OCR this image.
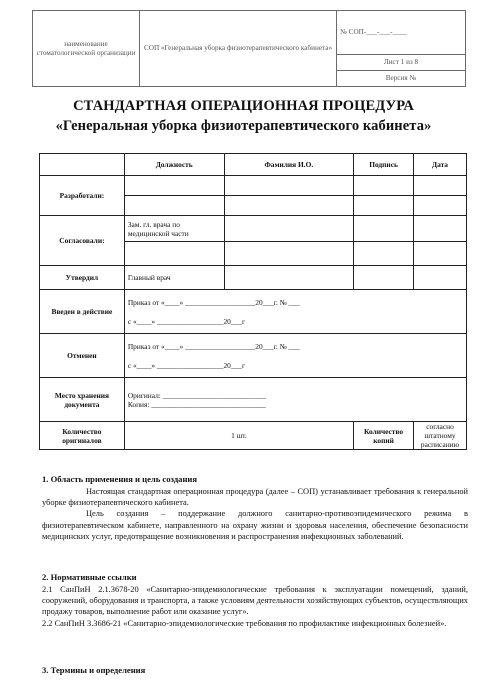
наименование стоматологической организации	СОП «Генеральная уборка физиотерапевтического кабинета»	№ СОП-___-___-____
Лист 1 из 8
Версия №
СТАНДАРТНАЯ ОПЕРАЦИОННАЯ ПРОЦЕДУРА
«Генеральная уборка физиотерапевтического кабинета»
	Должность	Фамилия И.О.	Подпись	Дата
Разработали:				

Согласовали:	Зам. гл. врача по медицинской части			

Утвердил	Главный врач			
Введен в действие	Приказ от «____» ___________________20___г. № ___
с «____» __________________20___г			

Отменен	Приказ от «____» ___________________20___г. № ___
с «____» __________________20___г			

Место хранения документа	Оригинал: ____________________________
Копия: _______________________________			

Количество оригиналов	1 шт.		Количество копий	согласно штатному расписанию
1. Область применения и цель создания

Настоящая стандартная операционная процедура (далее – СОП) устанавливает требования к генеральной уборке физиотерапевтического кабинета.

Цель создания – поддержание должного санитарно-противоэпидемического режима в физиотерапевтическом кабинете, направленного на охрану жизни и здоровья населения, обеспечение безопасности медицинских услуг, предотвращение возникновения и распространения инфекционных заболеваний.

2. Нормативные ссылки

2.1 СанПиН 2.1.3678-20 «Санитарно-эпидемиологические требования к эксплуатации помещений, зданий, сооружений, оборудования и транспорта, а также условиям деятельности хозяйствующих субъектов, осуществляющих продажу товаров, выполнение работ или оказание услуг».

2.2 СанПиН 3.3686-21 «Санитарно-эпидемиологические требования по профилактике инфекционных болезней».

3. Термины и определения
